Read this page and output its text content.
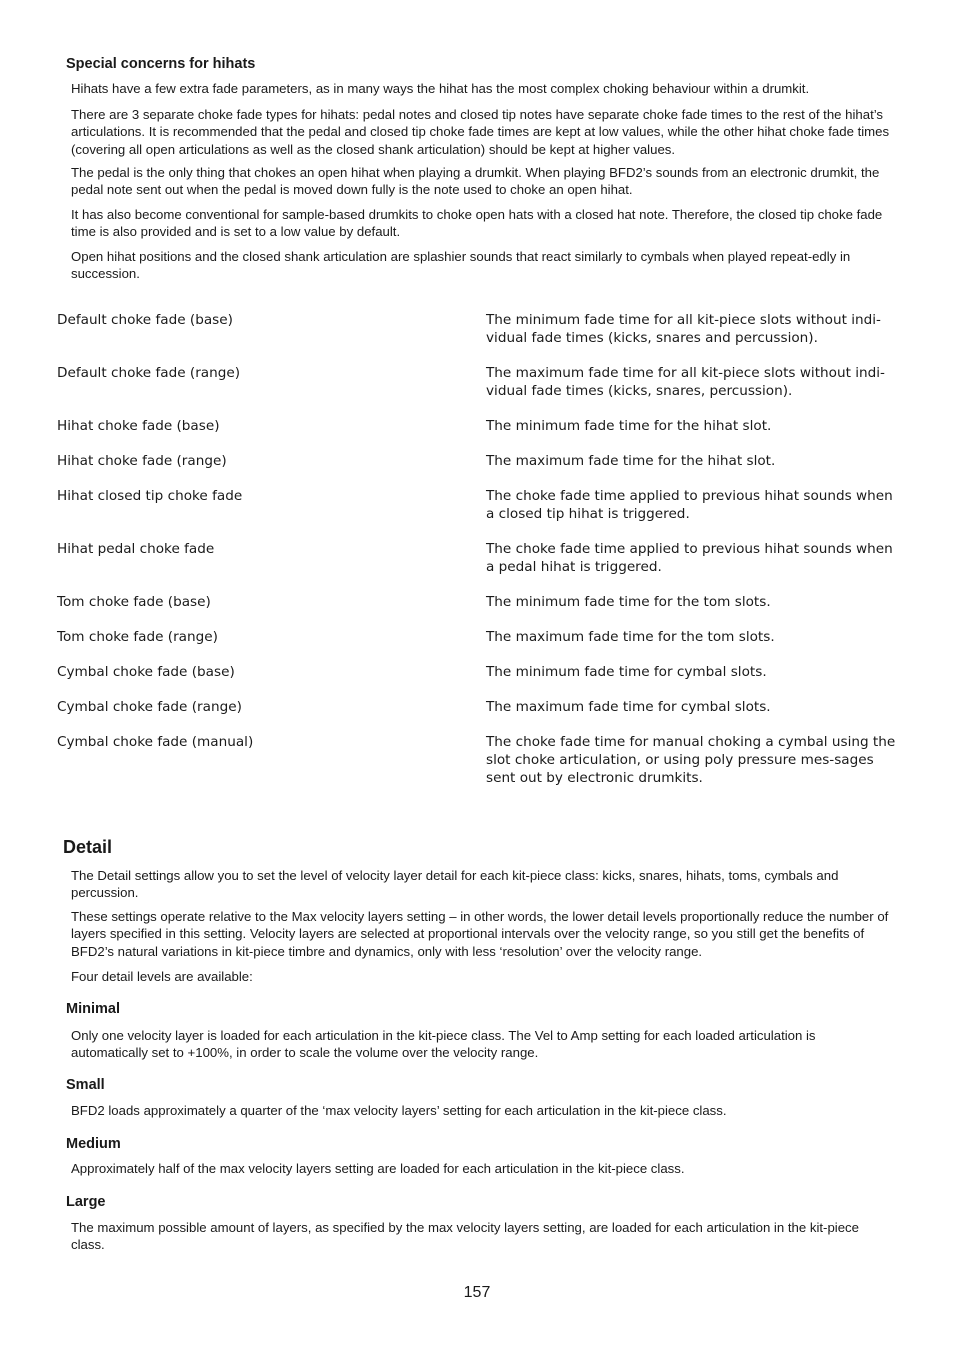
Special concerns for hihats

Hihats have a few extra fade parameters, as in many ways the hihat has the most complex choking behaviour within a drumkit.

There are 3 separate choke fade types for hihats: pedal notes and closed tip notes have separate choke fade times to the rest of the hihat’s articulations. It is recommended that the pedal and closed tip choke fade times are kept at low values, while the other hihat choke fade times (covering all open articulations as well as the closed shank articulation) should be kept at higher values.

The pedal is the only thing that chokes an open hihat when playing a drumkit. When playing BFD2’s sounds from an electronic drumkit, the pedal note sent out when the pedal is moved down fully is the note used to choke an open hihat.

It has also become conventional for sample-based drumkits to choke open hats with a closed hat note. Therefore, the closed tip choke fade time is also provided and is set to a low value by default.

Open hihat positions and the closed shank articulation are splashier sounds that react similarly to cymbals when played repeat-edly in succession.

Default choke fade (base)	The minimum fade time for all kit-piece slots without indi-vidual fade times (kicks, snares and percussion).
Default choke fade (range)	The maximum fade time for all kit-piece slots without indi-vidual fade times (kicks, snares, percussion).
Hihat choke fade (base)	The minimum fade time for the hihat slot.
Hihat choke fade (range)	The maximum fade time for the hihat slot.
Hihat closed tip choke fade	The choke fade time applied to previous hihat sounds when a closed tip hihat is triggered.
Hihat pedal choke fade	The choke fade time applied to previous hihat sounds when a pedal hihat is triggered.
Tom choke fade (base)	The minimum fade time for the tom slots.
Tom choke fade (range)	The maximum fade time for the tom slots.
Cymbal choke fade (base)	The minimum fade time for cymbal slots.
Cymbal choke fade (range)	The maximum fade time for cymbal slots.
Cymbal choke fade (manual)	The choke fade time for manual choking a cymbal using the slot choke articulation, or using poly pressure mes-sages sent out by electronic drumkits.
Detail

The Detail settings allow you to set the level of velocity layer detail for each kit-piece class: kicks, snares, hihats, toms, cymbals and percussion.

These settings operate relative to the Max velocity layers setting – in other words, the lower detail levels proportionally reduce the number of layers specified in this setting. Velocity layers are selected at proportional intervals over the velocity range, so you still get the benefits of BFD2’s natural variations in kit-piece timbre and dynamics, only with less ‘resolution’ over the velocity range.

Four detail levels are available:

Minimal

Only one velocity layer is loaded for each articulation in the kit-piece class. The Vel to Amp setting for each loaded articulation is automatically set to +100%, in order to scale the volume over the velocity range.

Small

BFD2 loads approximately a quarter of the ‘max velocity layers’ setting for each articulation in the kit-piece class.

Medium

Approximately half of the max velocity layers setting are loaded for each articulation in the kit-piece class.

Large

The maximum possible amount of layers, as specified by the max velocity layers setting, are loaded for each articulation in the kit-piece class.

157
